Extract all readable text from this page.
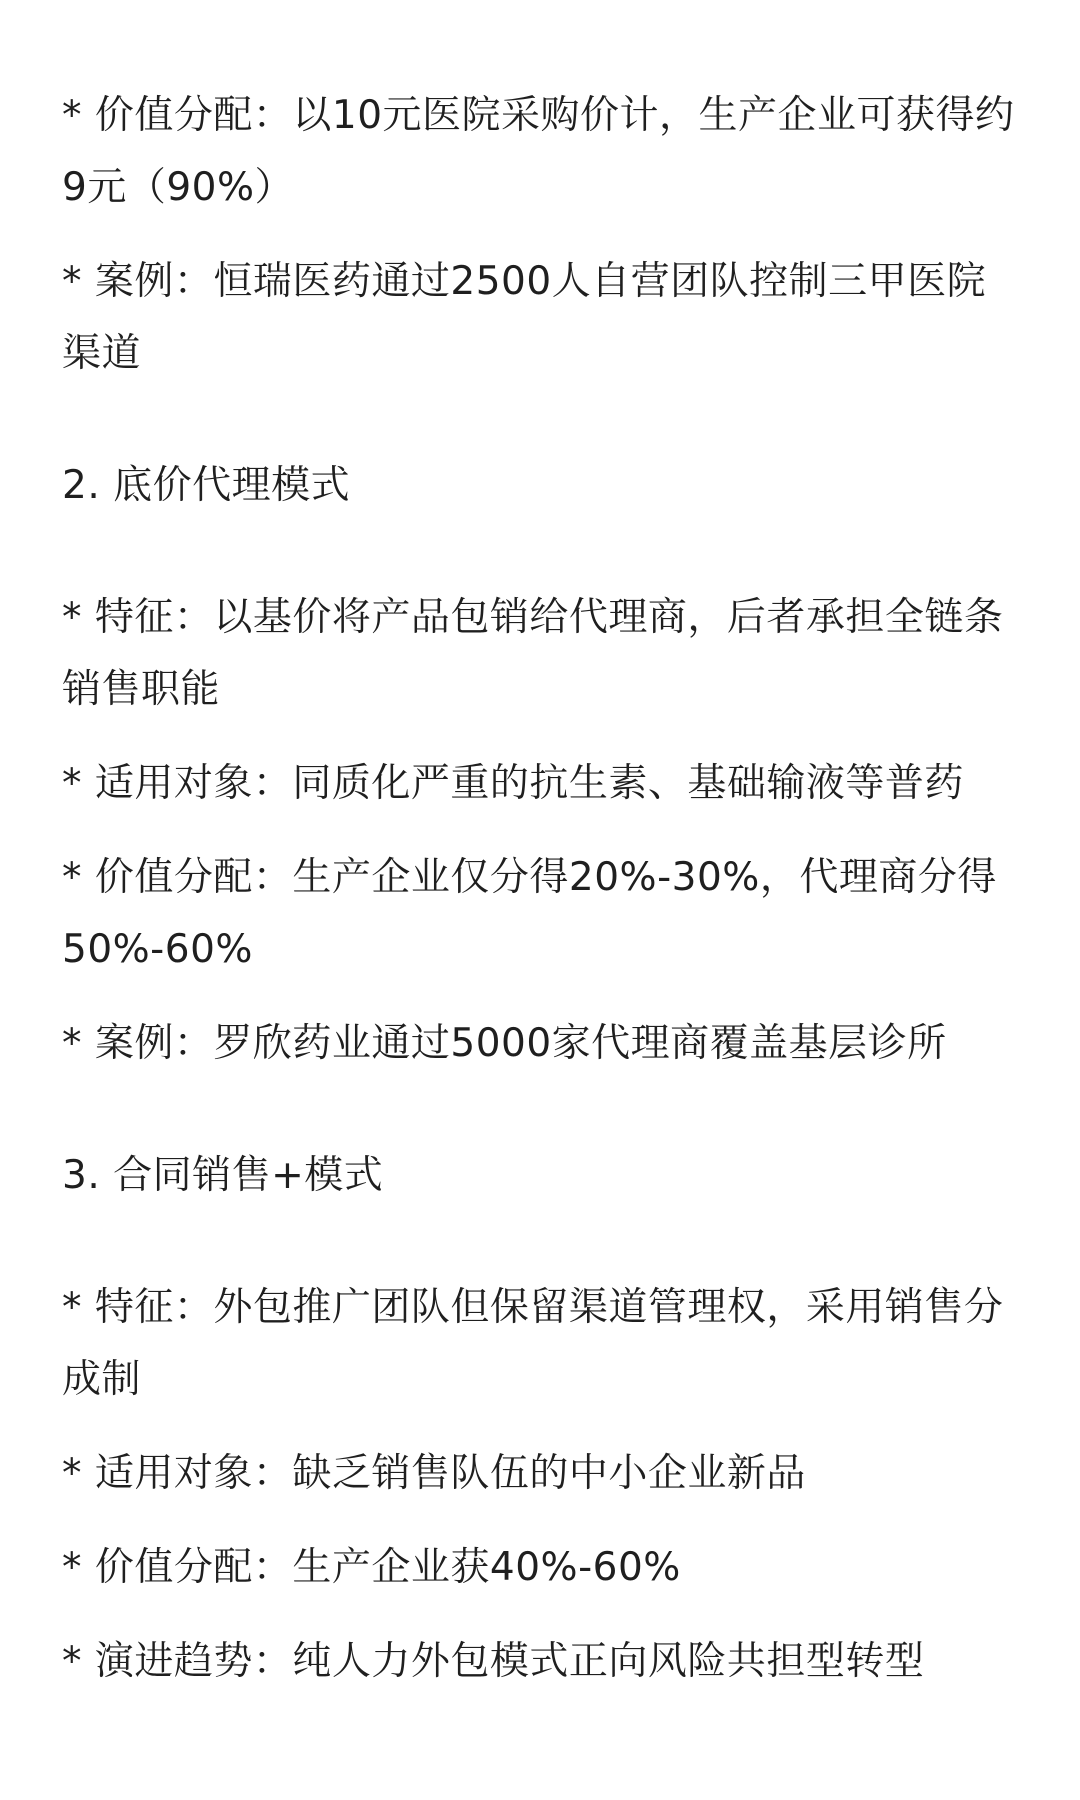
* 价值分配：以10元医院采购价计，生产企业可获得约9元（90%）

* 案例：恒瑞医药通过2500人自营团队控制三甲医院渠道

2. 底价代理模式

* 特征：以基价将产品包销给代理商，后者承担全链条销售职能

* 适用对象：同质化严重的抗生素、基础输液等普药

* 价值分配：生产企业仅分得20%-30%，代理商分得50%-60%

* 案例：罗欣药业通过5000家代理商覆盖基层诊所

3. 合同销售+模式

* 特征：外包推广团队但保留渠道管理权，采用销售分成制

* 适用对象：缺乏销售队伍的中小企业新品

* 价值分配：生产企业获40%-60%

* 演进趋势：纯人力外包模式正向风险共担型转型
